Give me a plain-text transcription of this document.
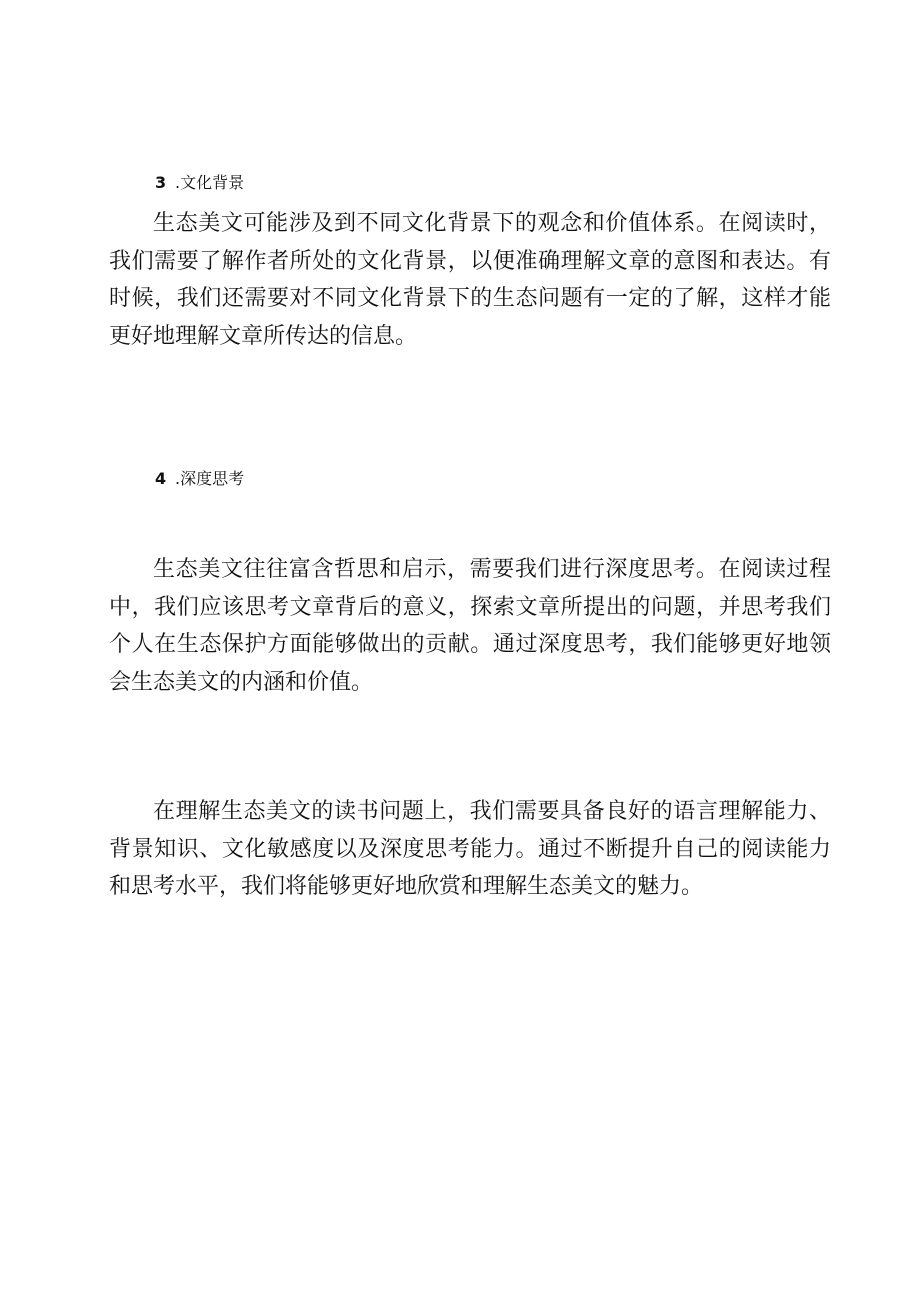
3 .文化背景

生态美文可能涉及到不同文化背景下的观念和价值体系。在阅读时，我们需要了解作者所处的文化背景，以便准确理解文章的意图和表达。有时候，我们还需要对不同文化背景下的生态问题有一定的了解，这样才能更好地理解文章所传达的信息。

4 .深度思考

生态美文往往富含哲思和启示，需要我们进行深度思考。在阅读过程中，我们应该思考文章背后的意义，探索文章所提出的问题，并思考我们个人在生态保护方面能够做出的贡献。通过深度思考，我们能够更好地领会生态美文的内涵和价值。

在理解生态美文的读书问题上，我们需要具备良好的语言理解能力、背景知识、文化敏感度以及深度思考能力。通过不断提升自己的阅读能力和思考水平，我们将能够更好地欣赏和理解生态美文的魅力。
